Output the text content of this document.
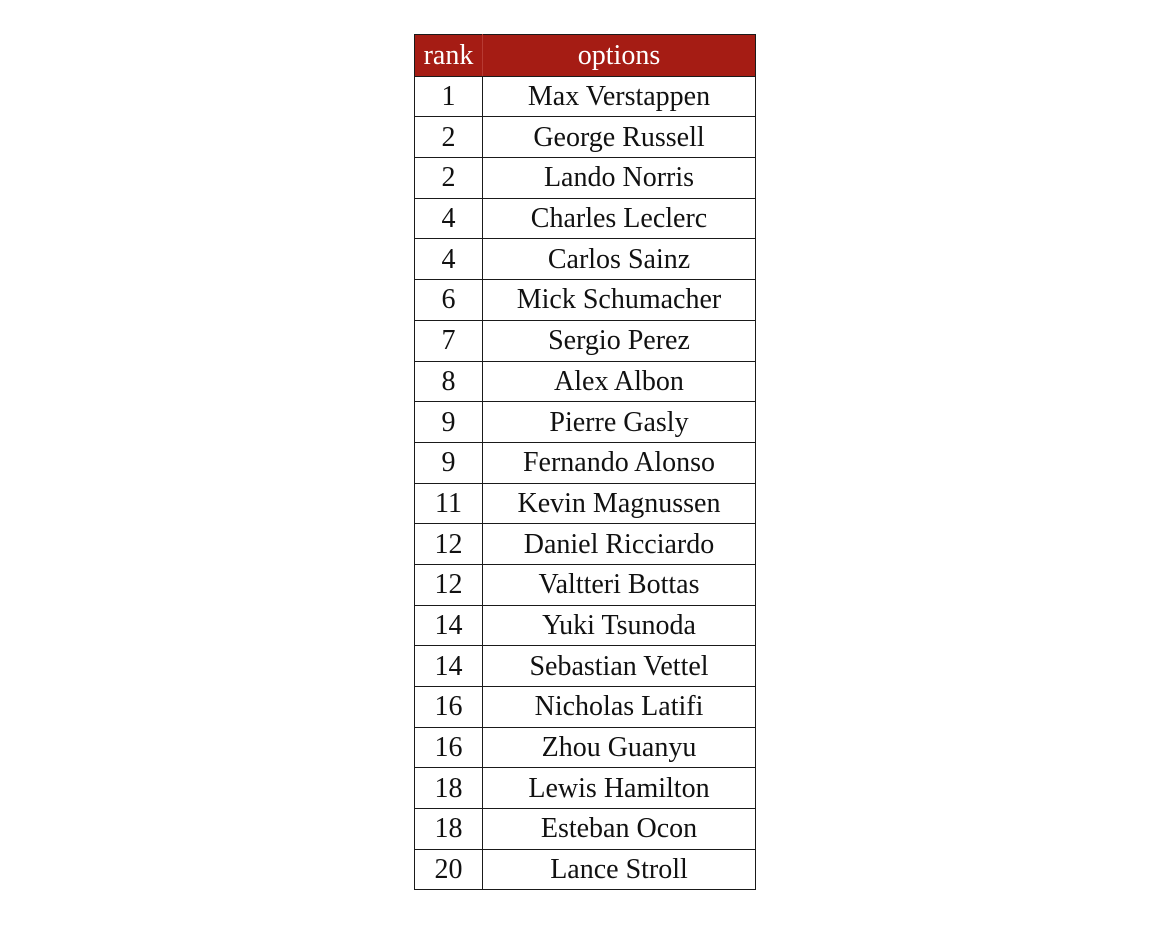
rank	options
1	Max Verstappen
2	George Russell
2	Lando Norris
4	Charles Leclerc
4	Carlos Sainz
6	Mick Schumacher
7	Sergio Perez
8	Alex Albon
9	Pierre Gasly
9	Fernando Alonso
11	Kevin Magnussen
12	Daniel Ricciardo
12	Valtteri Bottas
14	Yuki Tsunoda
14	Sebastian Vettel
16	Nicholas Latifi
16	Zhou Guanyu
18	Lewis Hamilton
18	Esteban Ocon
20	Lance Stroll
